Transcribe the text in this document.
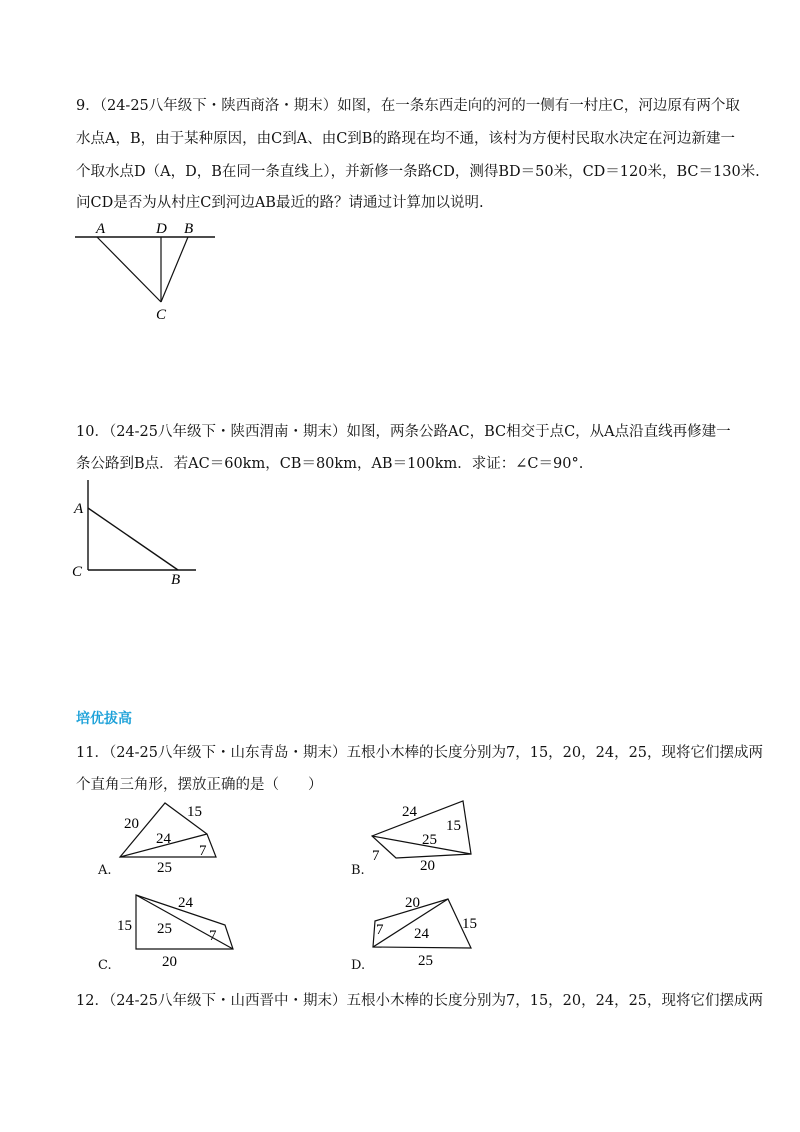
9．（24-25八年级下・陕西商洛・期末）如图，在一条东西走向的河的一侧有一村庄C，河边原有两个取
水点A，B，由于某种原因，由C到A、由C到B的路现在均不通，该村为方便村民取水决定在河边新建一
个取水点D（A，D，B在同一条直线上），并新修一条路CD，测得BD＝50米，CD＝120米，BC＝130米.
问CD是否为从村庄C到河边AB最近的路？请通过计算加以说明.
A	D B
C
10．（24-25八年级下・陕西渭南・期末）如图，两条公路AC，BC相交于点C，从A点沿直线再修建一
条公路到B点．若AC＝60km，CB＝80km，AB＝100km．求证：∠C＝90°.
A
C	B
培优拔高
11．（24-25八年级下・山东青岛・期末）五根小木棒的长度分别为7，15，20，24，25，现将它们摆成两
个直角三角形，摆放正确的是（　　）
20
15
24
7
25
A.
24
15
25
7
20
B.
24
15 25 7
20
C.
20
15
7 24
25
D.
12．（24-25八年级下・山西晋中・期末）五根小木棒的长度分别为7，15，20，24，25，现将它们摆成两
